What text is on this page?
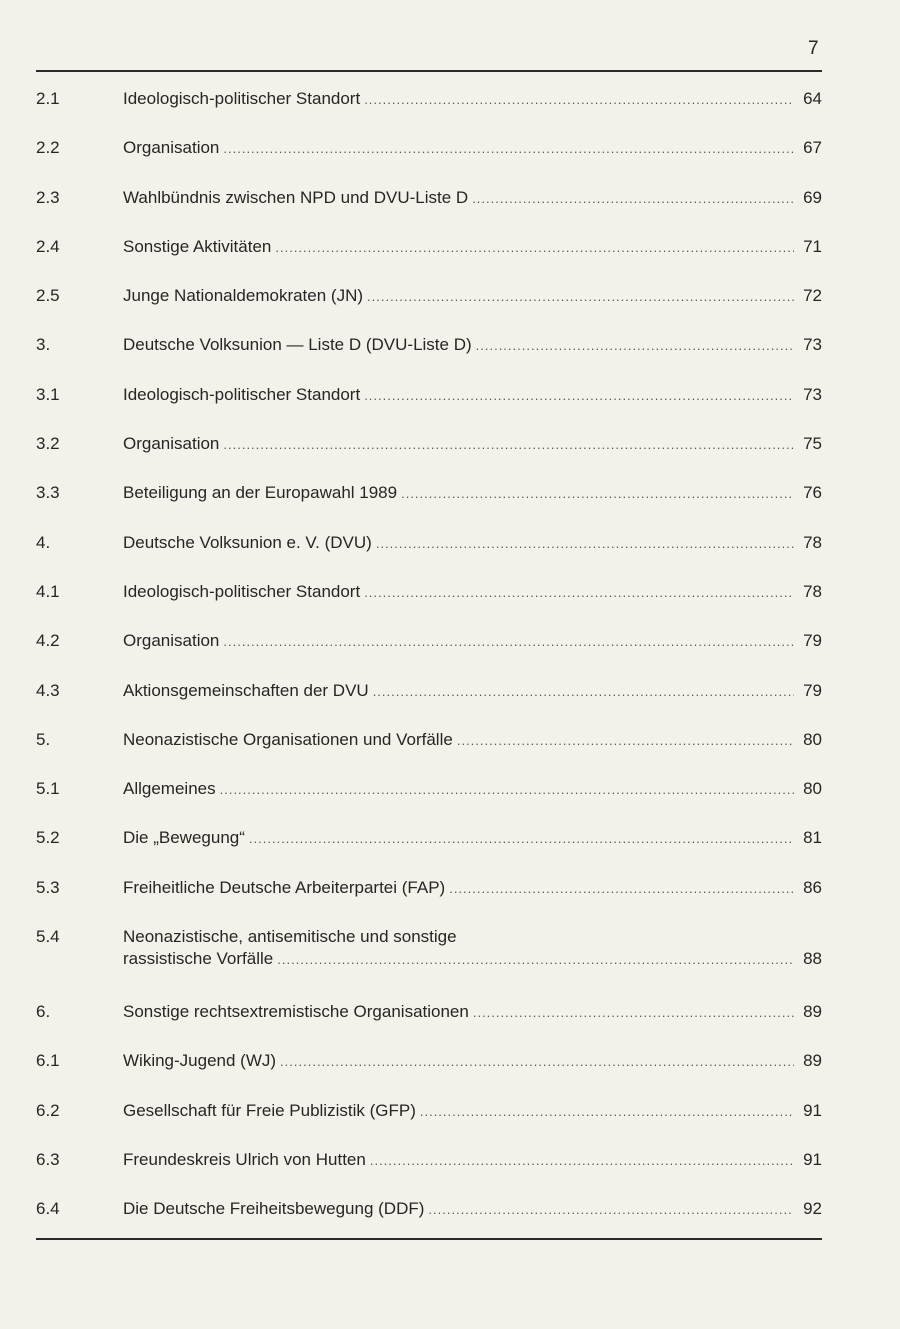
7
2.1	Ideologisch-politischer Standort .....	64
2.2	Organisation .....	67
2.3	Wahlbündnis zwischen NPD und DVU-Liste D .....	69
2.4	Sonstige Aktivitäten .....	71
2.5	Junge Nationaldemokraten (JN) .....	72
3.	Deutsche Volksunion — Liste D (DVU-Liste D) .....	73
3.1	Ideologisch-politischer Standort .....	73
3.2	Organisation .....	75
3.3	Beteiligung an der Europawahl 1989 .....	76
4.	Deutsche Volksunion e. V. (DVU) .....	78
4.1	Ideologisch-politischer Standort .....	78
4.2	Organisation .....	79
4.3	Aktionsgemeinschaften der DVU .....	79
5.	Neonazistische Organisationen und Vorfälle .....	80
5.1	Allgemeines .....	80
5.2	Die „Bewegung“ .....	81
5.3	Freiheitliche Deutsche Arbeiterpartei (FAP) .....	86
5.4	Neonazistische, antisemitische und sonstige
rassistische Vorfälle .....	88
6.	Sonstige rechtsextremistische Organisationen .....	89
6.1	Wiking-Jugend (WJ) .....	89
6.2	Gesellschaft für Freie Publizistik (GFP) .....	91
6.3	Freundeskreis Ulrich von Hutten .....	91
6.4	Die Deutsche Freiheitsbewegung (DDF) .....	92
